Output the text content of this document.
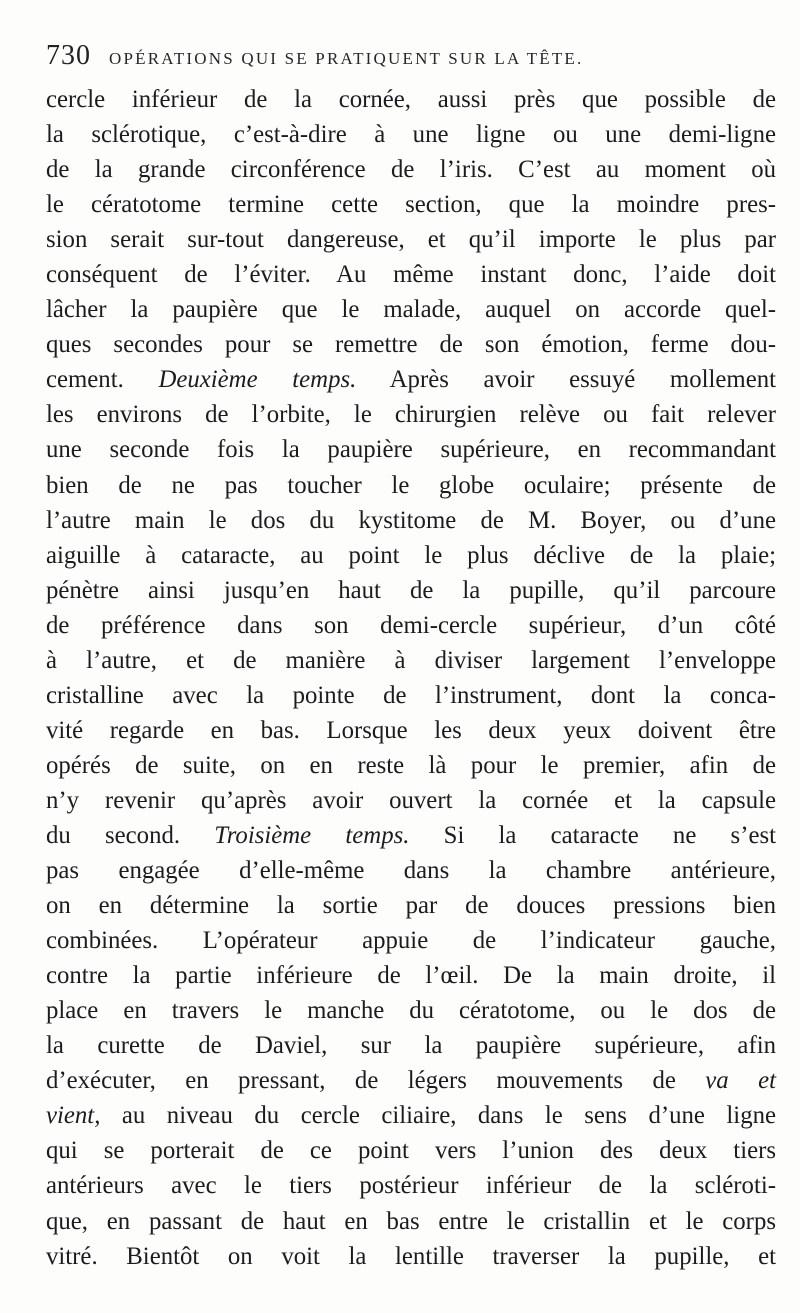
730 OPÉRATIONS QUI SE PRATIQUENT SUR LA TÊTE.
cercle inférieur de la cornée, aussi près que possible de
la sclérotique, c’est-à-dire à une ligne ou une demi-ligne
de la grande circonférence de l’iris. C’est au moment où
le cératotome termine cette section, que la moindre pres-
sion serait sur-tout dangereuse, et qu’il importe le plus par
conséquent de l’éviter. Au même instant donc, l’aide doit
lâcher la paupière que le malade, auquel on accorde quel-
ques secondes pour se remettre de son émotion, ferme dou-
cement. Deuxième temps. Après avoir essuyé mollement
les environs de l’orbite, le chirurgien relève ou fait relever
une seconde fois la paupière supérieure, en recommandant
bien de ne pas toucher le globe oculaire; présente de
l’autre main le dos du kystitome de M. Boyer, ou d’une
aiguille à cataracte, au point le plus déclive de la plaie;
pénètre ainsi jusqu’en haut de la pupille, qu’il parcoure
de préférence dans son demi-cercle supérieur, d’un côté
à l’autre, et de manière à diviser largement l’enveloppe
cristalline avec la pointe de l’instrument, dont la conca-
vité regarde en bas. Lorsque les deux yeux doivent être
opérés de suite, on en reste là pour le premier, afin de
n’y revenir qu’après avoir ouvert la cornée et la capsule
du second. Troisième temps. Si la cataracte ne s’est
pas engagée d’elle-même dans la chambre antérieure,
on en détermine la sortie par de douces pressions bien
combinées. L’opérateur appuie de l’indicateur gauche,
contre la partie inférieure de l’œil. De la main droite, il
place en travers le manche du cératotome, ou le dos de
la curette de Daviel, sur la paupière supérieure, afin
d’exécuter, en pressant, de légers mouvements de va et
vient, au niveau du cercle ciliaire, dans le sens d’une ligne
qui se porterait de ce point vers l’union des deux tiers
antérieurs avec le tiers postérieur inférieur de la scléroti-
que, en passant de haut en bas entre le cristallin et le corps
vitré. Bientôt on voit la lentille traverser la pupille, et
